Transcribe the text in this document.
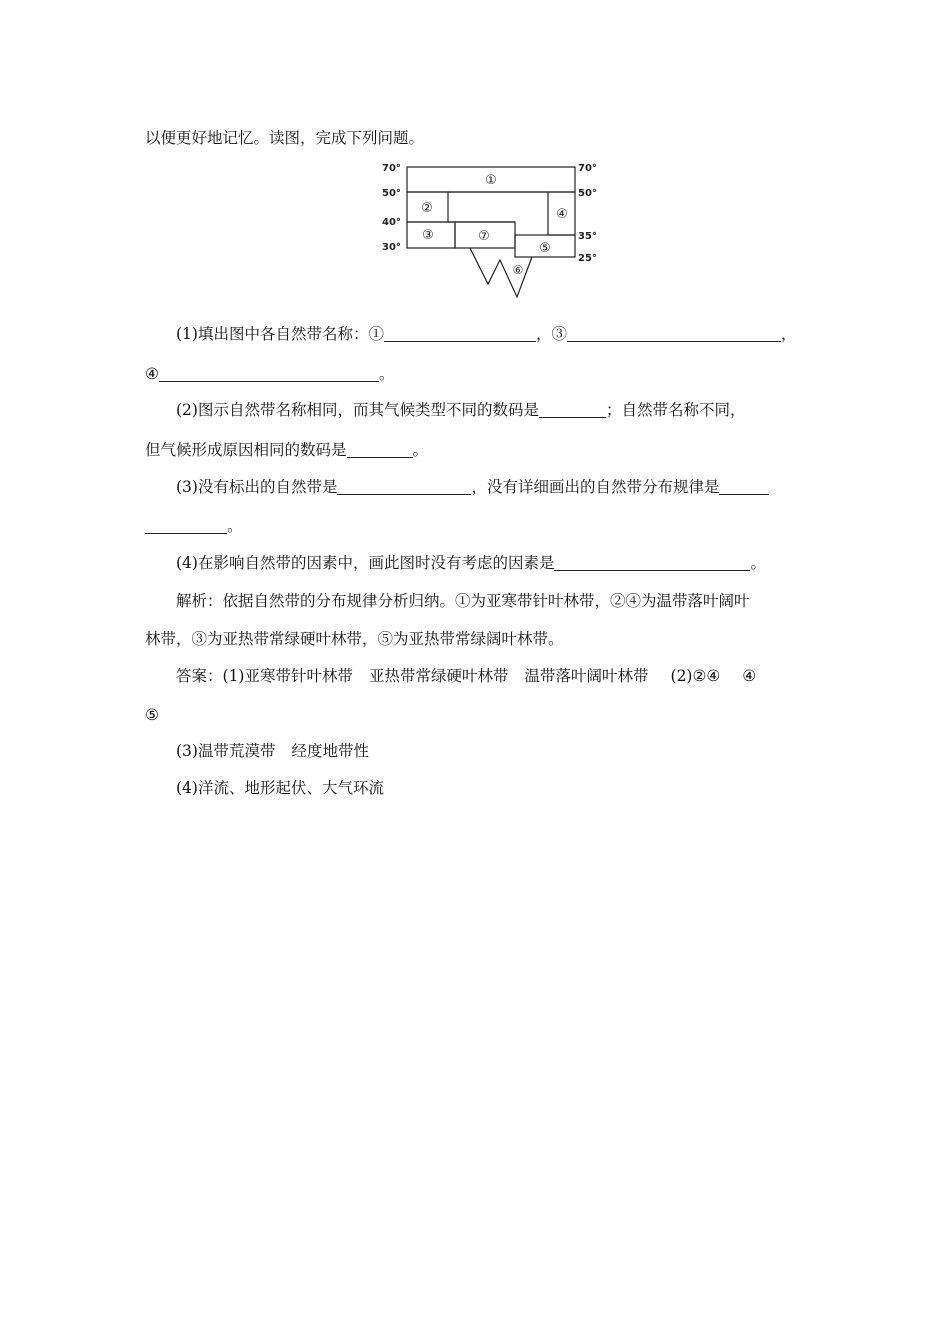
以便更好地记忆。读图，完成下列问题。
70°
50°
40°
30°
70°
50°
35°
25°
①
②
③
④
⑤
⑥
⑦
(1)填出图中各自然带名称：①	，③	，
④	。
(2)图示自然带名称相同，而其气候类型不同的数码是	；自然带名称不同，
但气候形成原因相同的数码是	。
(3)没有标出的自然带是	，没有详细画出的自然带分布规律是
。
(4)在影响自然带的因素中，画此图时没有考虑的因素是	。
解析：依据自然带的分布规律分析归纳。①为亚寒带针叶林带，②④为温带落叶阔叶
林带，③为亚热带常绿硬叶林带，⑤为亚热带常绿阔叶林带。
答案：(1)亚寒带针叶林带 亚热带常绿硬叶林带 温带落叶阔叶林带 (2)②④ ④
⑤
(3)温带荒漠带 经度地带性
(4)洋流、地形起伏、大气环流
